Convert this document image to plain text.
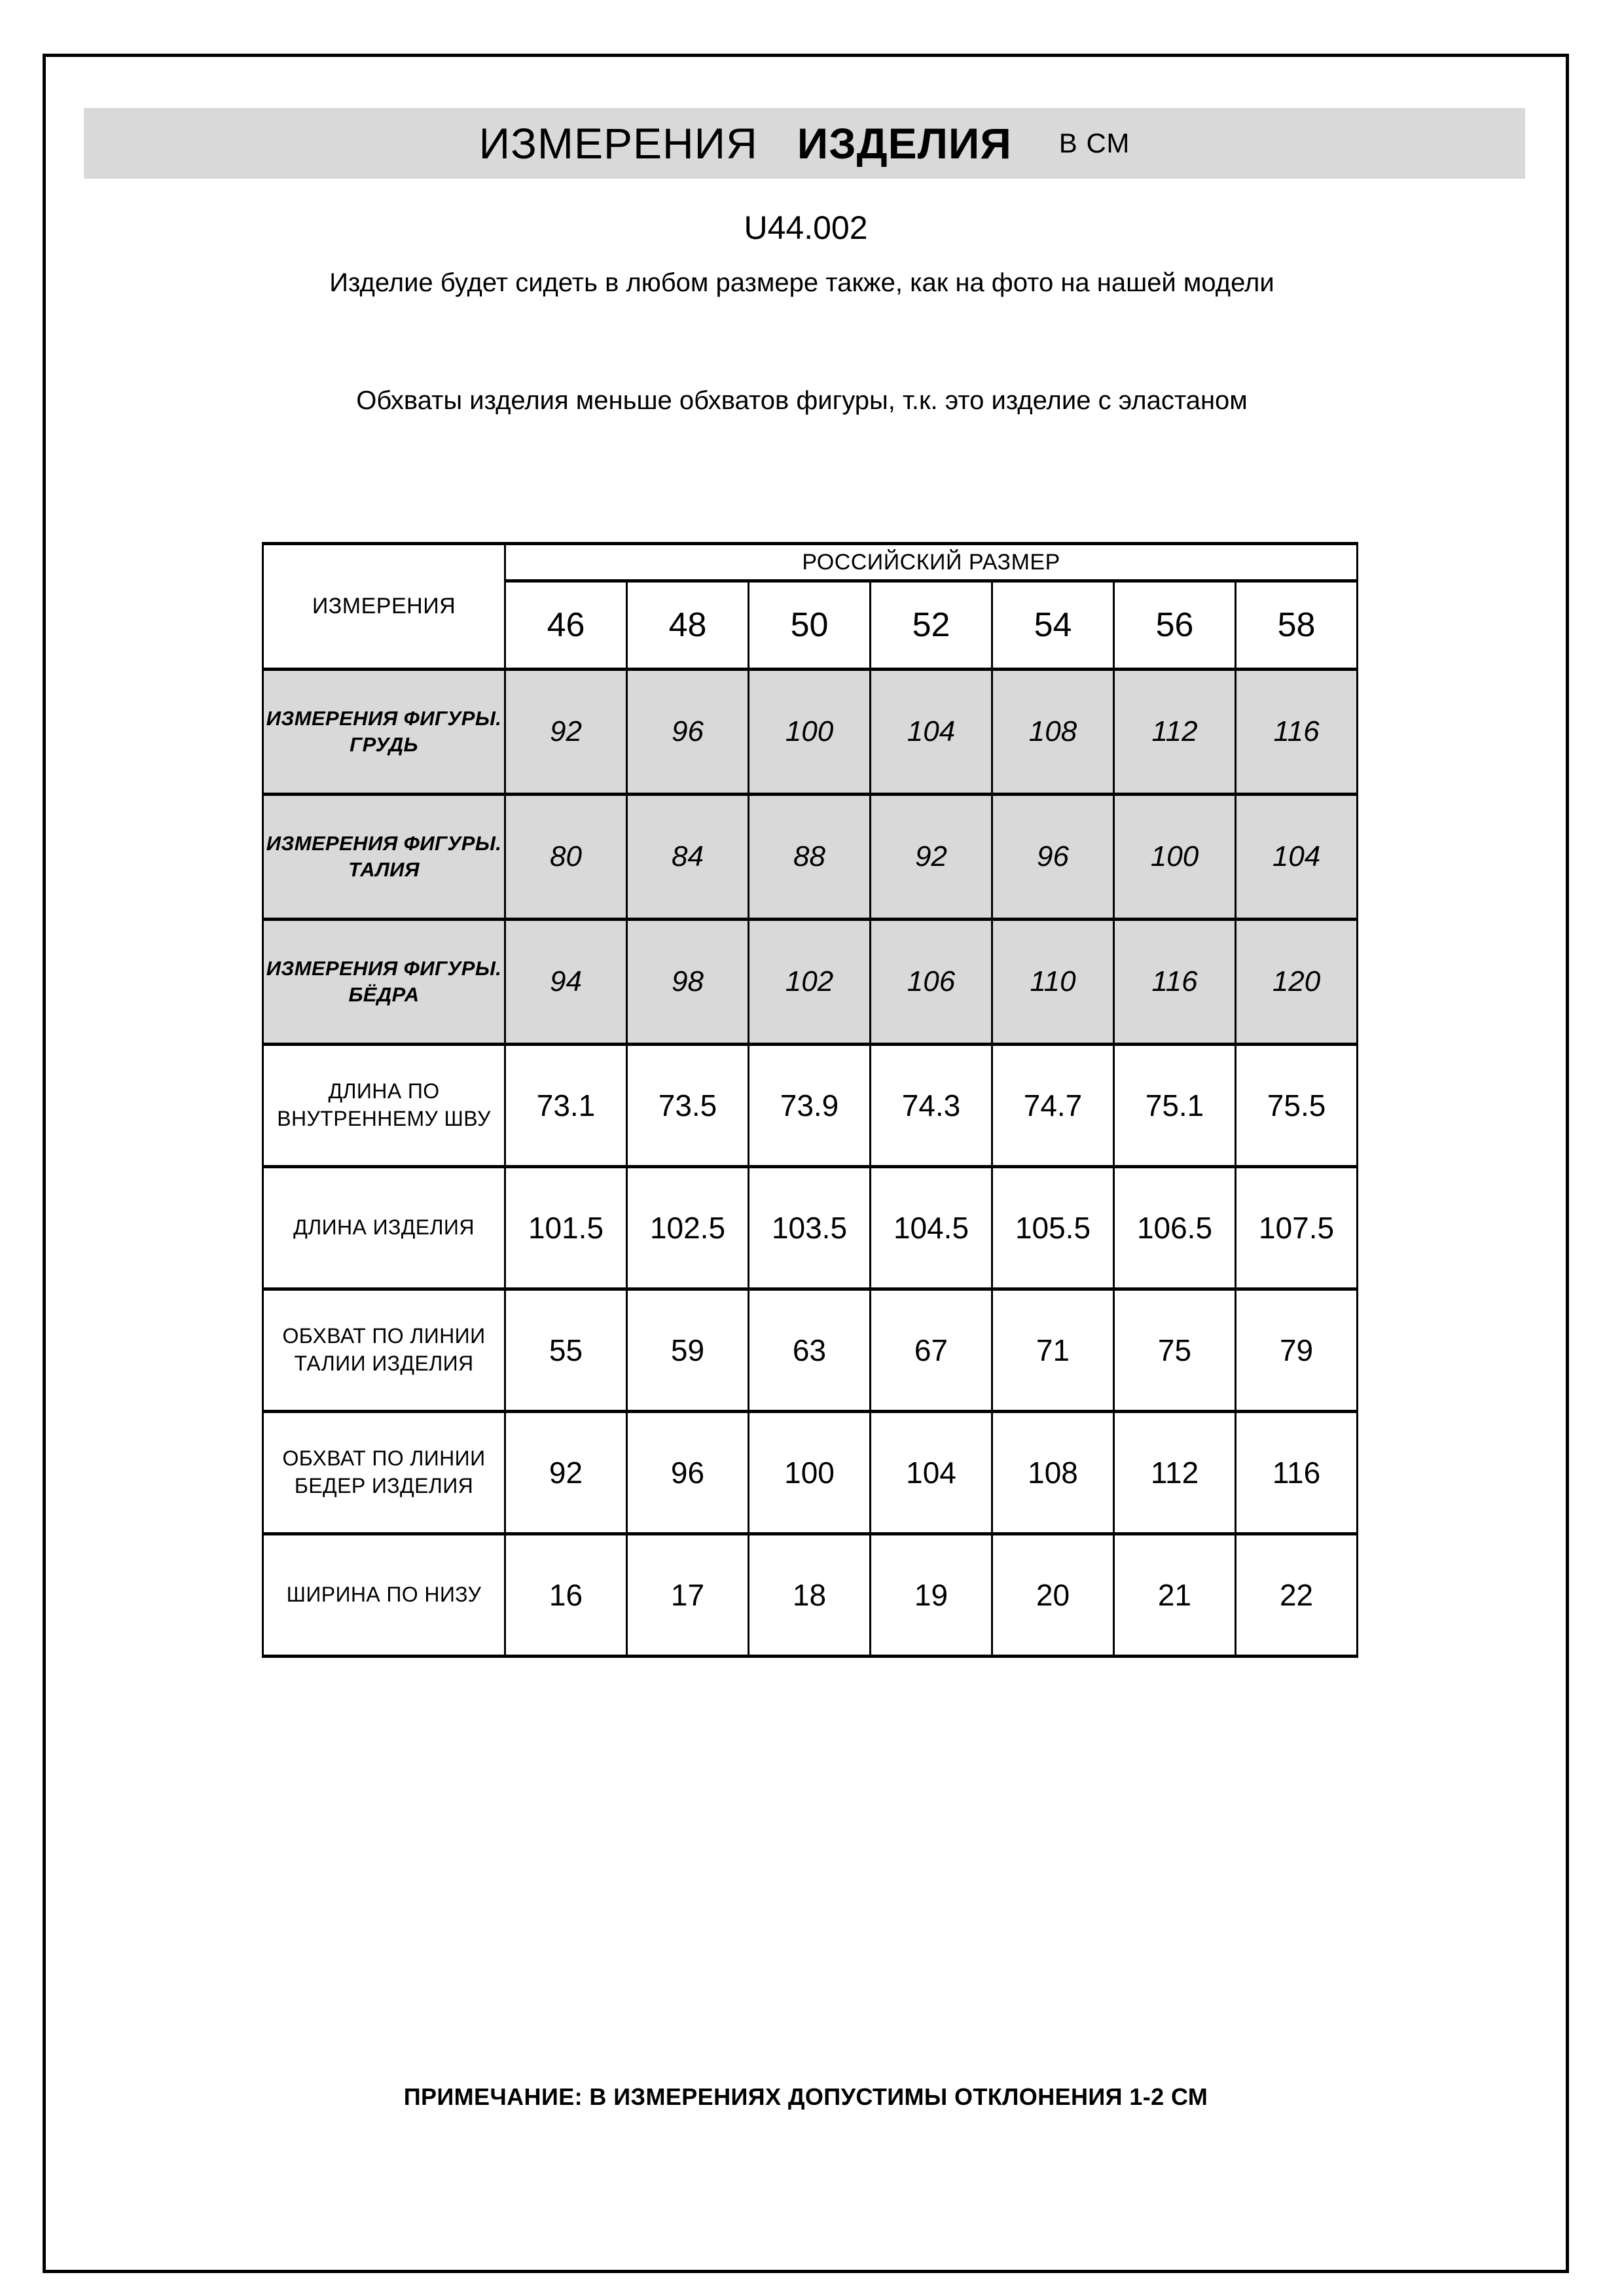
ИЗМЕРЕНИЯ ИЗДЕЛИЯ В СМ
U44.002
Изделие будет сидеть в любом размере также, как на фото на нашей модели
Обхваты изделия меньше обхватов фигуры, т.к. это изделие с эластаном
ИЗМЕРЕНИЯ	РОССИЙСКИЙ РАЗМЕР						
	46	48	50	52	54	56	58
ИЗМЕРЕНИЯ ФИГУРЫ. ГРУДЬ	92	96	100	104	108	112	116
ИЗМЕРЕНИЯ ФИГУРЫ. ТАЛИЯ	80	84	88	92	96	100	104
ИЗМЕРЕНИЯ ФИГУРЫ. БЁДРА	94	98	102	106	110	116	120
ДЛИНА ПО ВНУТРЕННЕМУ ШВУ	73.1	73.5	73.9	74.3	74.7	75.1	75.5
ДЛИНА ИЗДЕЛИЯ	101.5	102.5	103.5	104.5	105.5	106.5	107.5
ОБХВАТ ПО ЛИНИИ ТАЛИИ ИЗДЕЛИЯ	55	59	63	67	71	75	79
ОБХВАТ ПО ЛИНИИ БЕДЕР ИЗДЕЛИЯ	92	96	100	104	108	112	116
ШИРИНА ПО НИЗУ	16	17	18	19	20	21	22
ПРИМЕЧАНИЕ: В ИЗМЕРЕНИЯХ ДОПУСТИМЫ ОТКЛОНЕНИЯ 1-2 СМ
